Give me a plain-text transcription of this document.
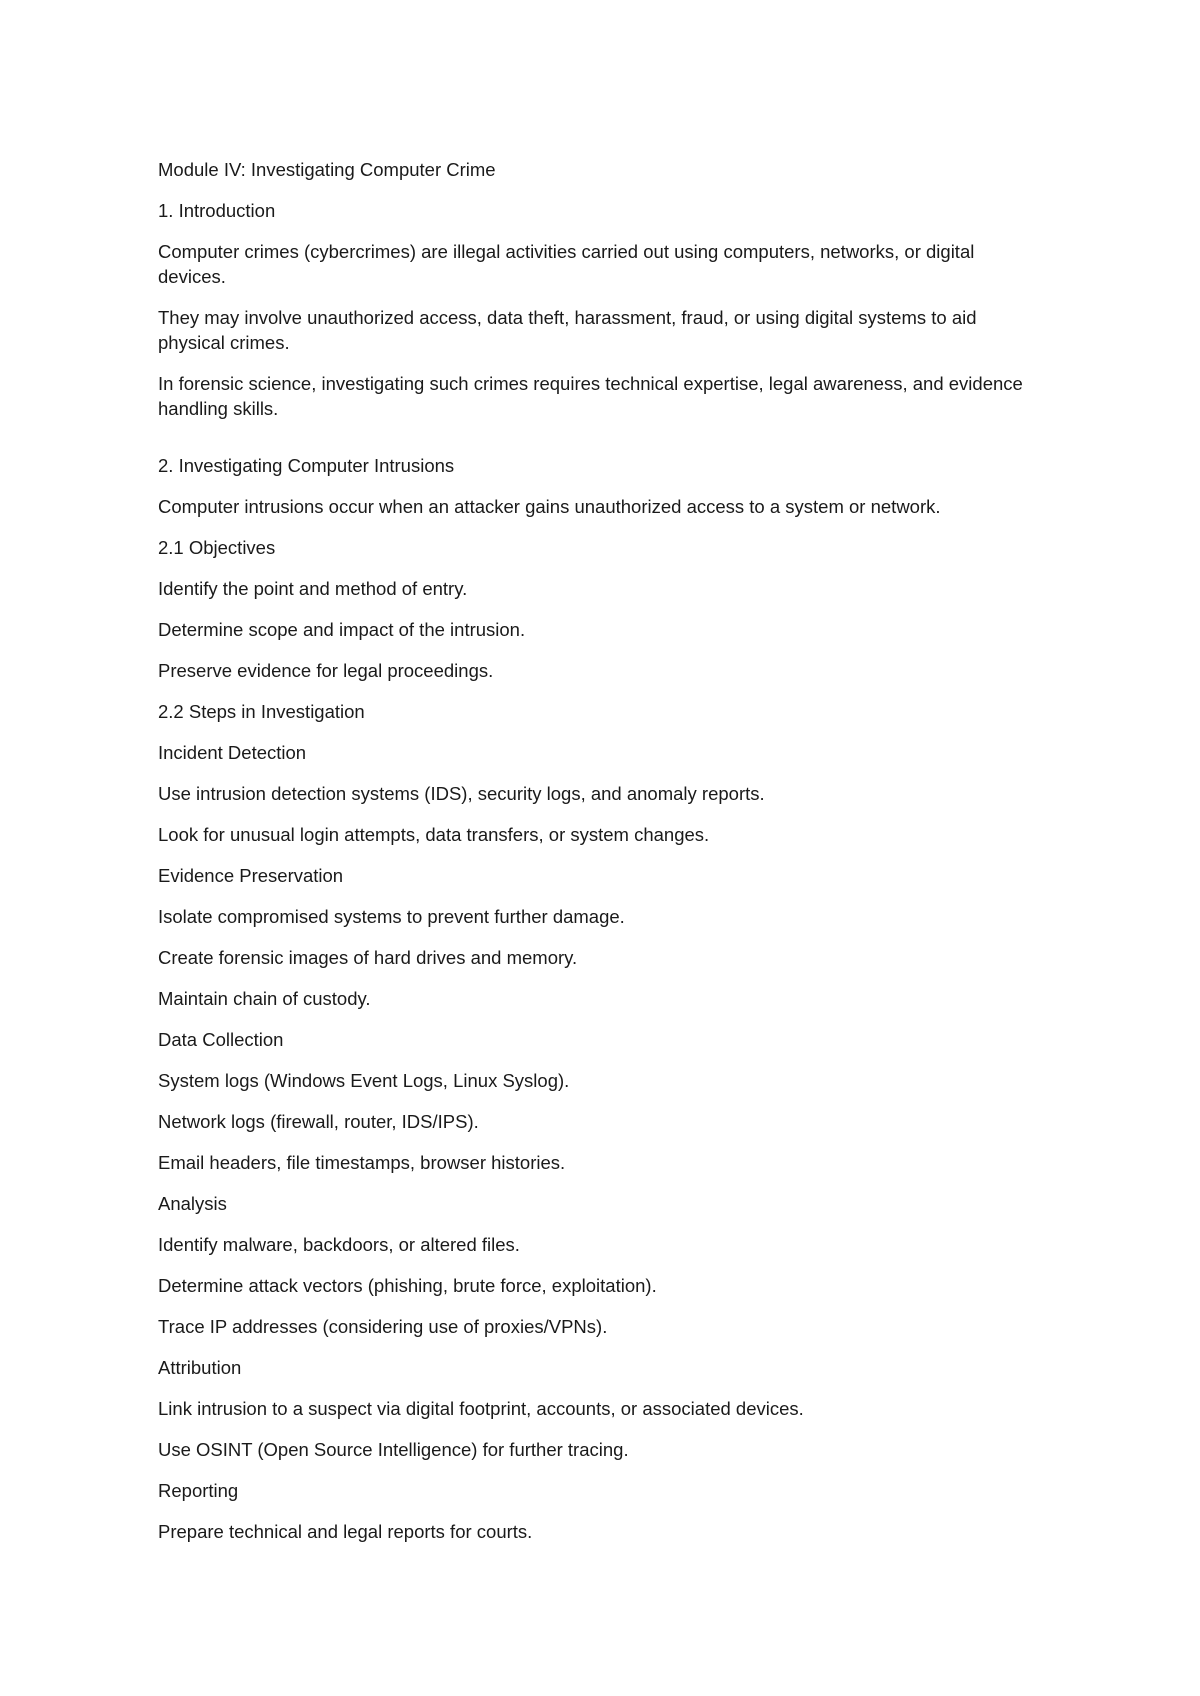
Module IV: Investigating Computer Crime

1. Introduction

Computer crimes (cybercrimes) are illegal activities carried out using computers, networks, or digital devices.

They may involve unauthorized access, data theft, harassment, fraud, or using digital systems to aid physical crimes.

In forensic science, investigating such crimes requires technical expertise, legal awareness, and evidence handling skills.

2. Investigating Computer Intrusions

Computer intrusions occur when an attacker gains unauthorized access to a system or network.

2.1 Objectives

Identify the point and method of entry.

Determine scope and impact of the intrusion.

Preserve evidence for legal proceedings.

2.2 Steps in Investigation

Incident Detection

Use intrusion detection systems (IDS), security logs, and anomaly reports.

Look for unusual login attempts, data transfers, or system changes.

Evidence Preservation

Isolate compromised systems to prevent further damage.

Create forensic images of hard drives and memory.

Maintain chain of custody.

Data Collection

System logs (Windows Event Logs, Linux Syslog).

Network logs (firewall, router, IDS/IPS).

Email headers, file timestamps, browser histories.

Analysis

Identify malware, backdoors, or altered files.

Determine attack vectors (phishing, brute force, exploitation).

Trace IP addresses (considering use of proxies/VPNs).

Attribution

Link intrusion to a suspect via digital footprint, accounts, or associated devices.

Use OSINT (Open Source Intelligence) for further tracing.

Reporting

Prepare technical and legal reports for courts.
